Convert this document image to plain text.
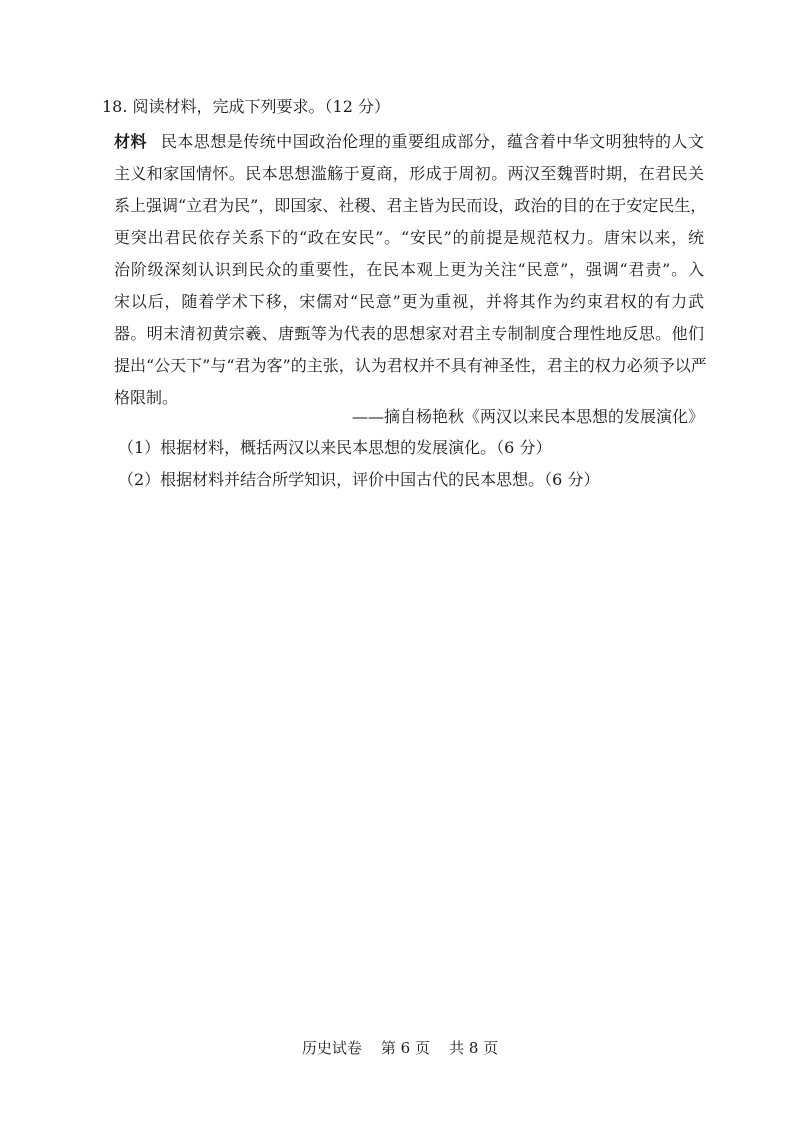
18. 阅读材料，完成下列要求。（12 分）
材料 民本思想是传统中国政治伦理的重要组成部分，蕴含着中华文明独特的人文
主义和家国情怀。民本思想滥觞于夏商，形成于周初。两汉至魏晋时期，在君民关
系上强调“立君为民”，即国家、社稷、君主皆为民而设，政治的目的在于安定民生，
更突出君民依存关系下的“政在安民”。“安民”的前提是规范权力。唐宋以来，统
治阶级深刻认识到民众的重要性，在民本观上更为关注“民意”，强调“君责”。入
宋以后，随着学术下移，宋儒对“民意”更为重视，并将其作为约束君权的有力武
器。明末清初黄宗羲、唐甄等为代表的思想家对君主专制制度合理性地反思。他们
提出“公天下”与“君为客”的主张，认为君权并不具有神圣性，君主的权力必须予以严
格限制。
——摘自杨艳秋《两汉以来民本思想的发展演化》
（1）根据材料，概括两汉以来民本思想的发展演化。（6 分）
（2）根据材料并结合所学知识，评价中国古代的民本思想。（6 分）
历史试卷    第 6 页    共 8 页
